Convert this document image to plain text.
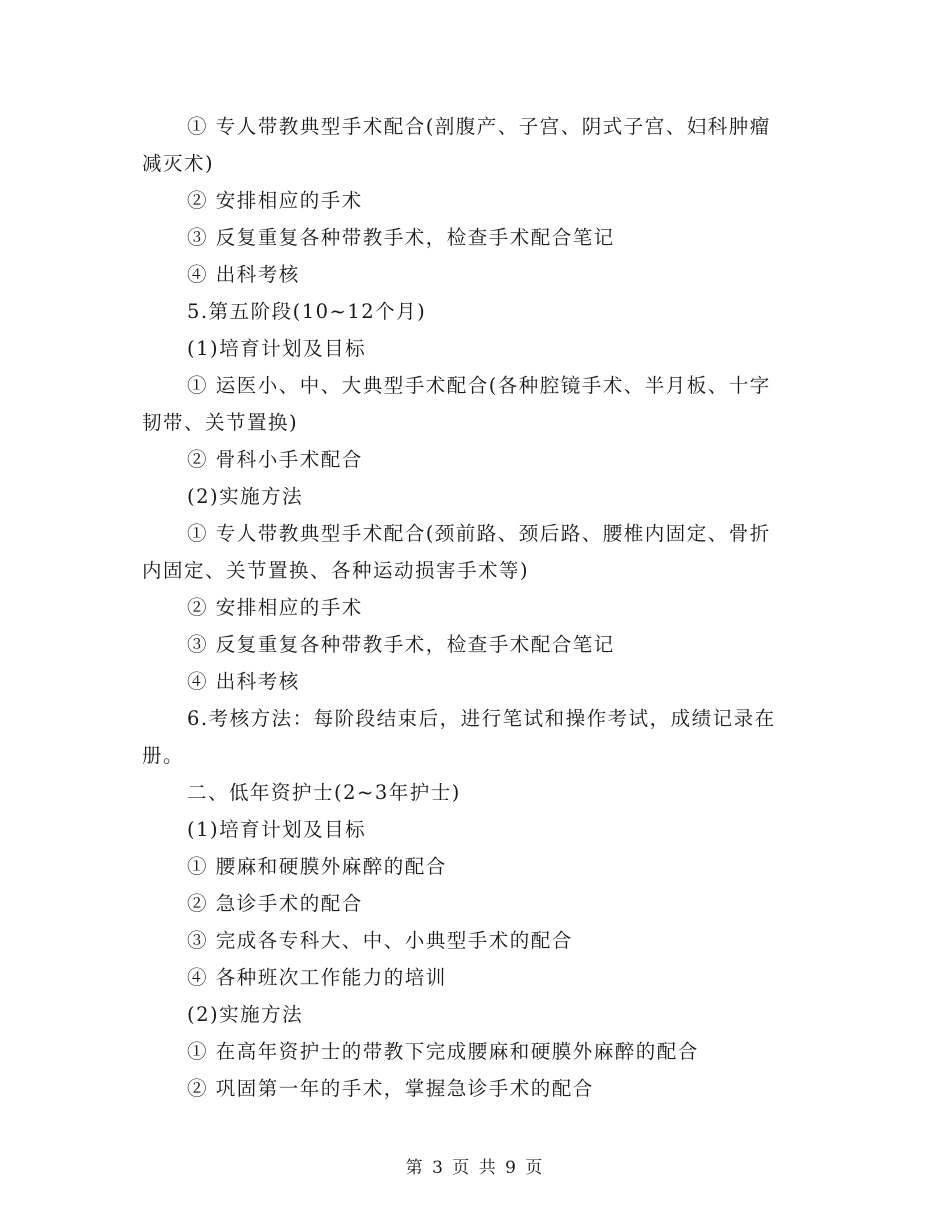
① 专人带教典型手术配合(剖腹产、子宫、阴式子宫、妇科肿瘤
减灭术)
② 安排相应的手术
③ 反复重复各种带教手术，检查手术配合笔记
④ 出科考核
5.第五阶段(10~12个月)
(1)培育计划及目标
① 运医小、中、大典型手术配合(各种腔镜手术、半月板、十字
韧带、关节置换)
② 骨科小手术配合
(2)实施方法
① 专人带教典型手术配合(颈前路、颈后路、腰椎内固定、骨折
内固定、关节置换、各种运动损害手术等)
② 安排相应的手术
③ 反复重复各种带教手术，检查手术配合笔记
④ 出科考核
6.考核方法：每阶段结束后，进行笔试和操作考试，成绩记录在
册。
二、低年资护士(2~3年护士)
(1)培育计划及目标
① 腰麻和硬膜外麻醉的配合
② 急诊手术的配合
③ 完成各专科大、中、小典型手术的配合
④ 各种班次工作能力的培训
(2)实施方法
① 在高年资护士的带教下完成腰麻和硬膜外麻醉的配合
② 巩固第一年的手术，掌握急诊手术的配合
第 3 页 共 9 页
